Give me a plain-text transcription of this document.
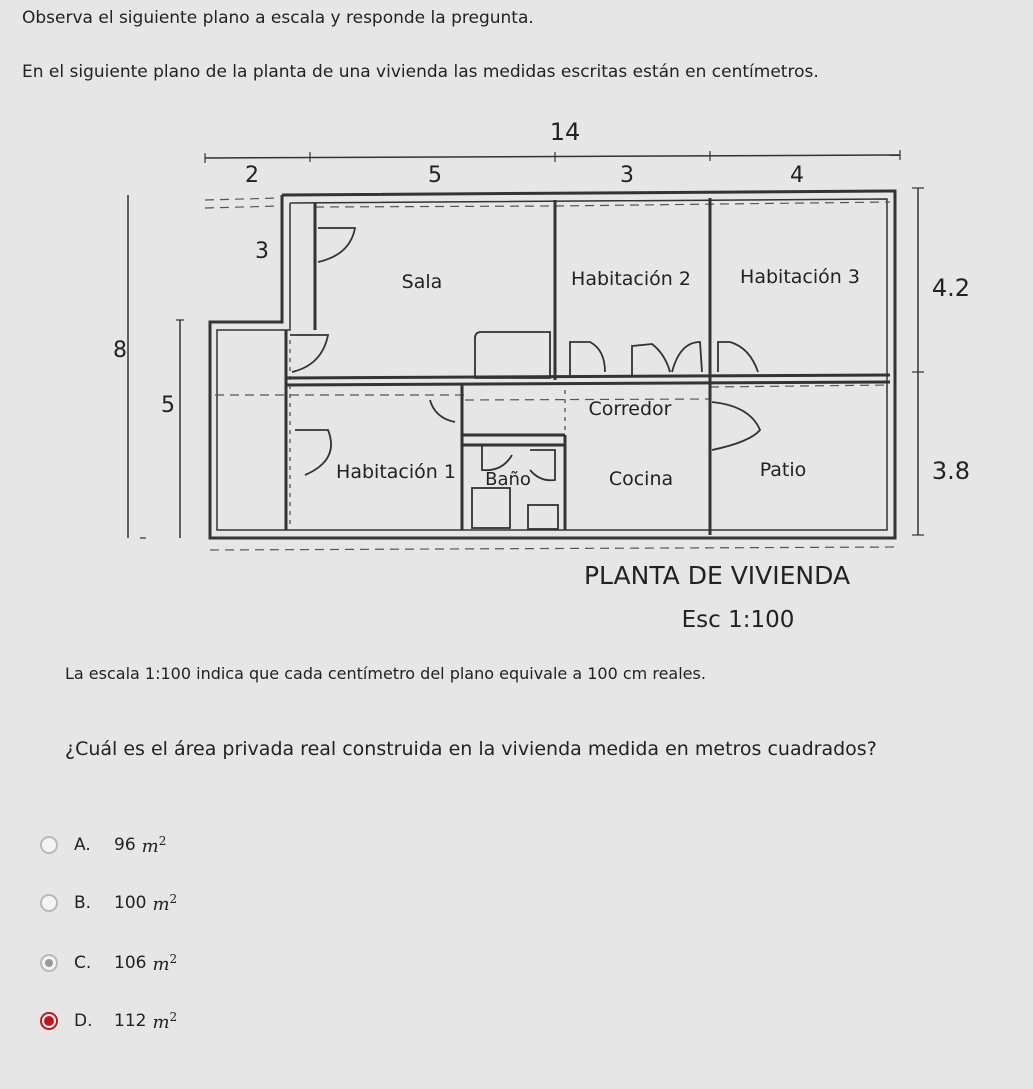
Observa el siguiente plano a escala y responde la pregunta.
En el siguiente plano de la planta de una vivienda las medidas escritas están en centímetros.
14
2	5	3	4
8
5
3
4.2
3.8
Sala	Habitación 2	Habitación 3
Corredor
Habitación 1 Baño	Cocina	Patio
PLANTA DE VIVIENDA
Esc 1:100
La escala 1:100 indica que cada centímetro del plano equivale a 100 cm reales.
¿Cuál es el área privada real construida en la vivienda medida en metros cuadrados?
A.	96 $m^2$
B.	100 $m^2$
C.	106 $m^2$
D.	112 $m^2$
